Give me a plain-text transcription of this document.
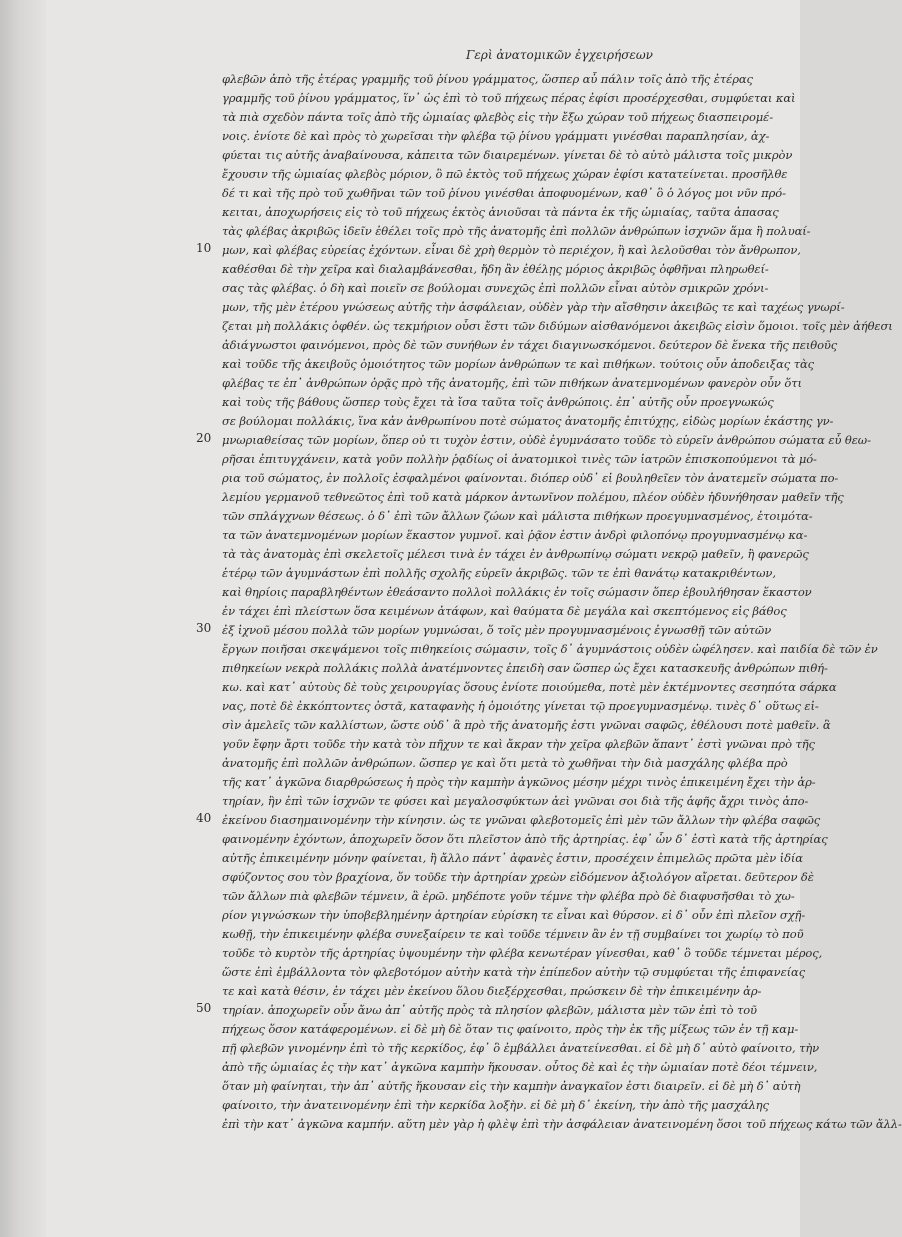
Γερὶ ἀνατομικῶν ἐγχειρήσεων
φλεβῶν ἀπὸ τῆς ἐτέρας γραμμῆς τοῦ ῥίνου γράμματος, ὥσπερ αὖ πάλιν τοῖς ἀπὸ τῆς ἑτέρας
γραμμῆς τοῦ ῥίνου γράμματος, ἵν᾽ ὡς ἐπὶ τὸ τοῦ πήχεως πέρας ἐφίσι προσέρχεσθαι, συμφύεται καὶ
τὰ πιὰ σχεδὸν πάντα τοῖς ἀπὸ τῆς ὠμιαίας φλεβὸς εἰς τὴν ἔξω χώραν τοῦ πήχεως διασπειρομέ-
νοις. ἐνίοτε δὲ καὶ πρὸς τὸ χωρεῖσαι τὴν φλέβα τῷ ῥίνου γράμματι γινέσθαι παραπλησίαν, ἀχ-
φύεται τις αὐτῆς ἀναβαίνουσα, κἀπειτα τῶν διαιρεμένων. γίνεται δὲ τὸ αὐτὸ μάλιστα τοῖς μικρὸν
ἔχουσιν τῆς ὠμιαίας φλεβὸς μόριον, ὃ πῶ ἐκτὸς τοῦ πήχεως χώραν ἐφίσι κατατείνεται. προσῆλθε
δέ τι καὶ τῆς πρὸ τοῦ χωθῆναι τῶν τοῦ ῥίνου γινέσθαι ἀποφυομένων, καθ᾽ ὃ ὁ λόγος μοι νῦν πρό-
κειται, ἀποχωρήσεις εἰς τὸ τοῦ πήχεως ἐκτὸς ἀνιοῦσαι τὰ πάντα ἐκ τῆς ὠμιαίας, ταῦτα ἀπασας
τὰς φλέβας ἀκριβῶς ἰδεῖν ἐθέλει τοῖς πρὸ τῆς ἀνατομῆς ἐπὶ πολλῶν ἀνθρώπων ἰσχνῶν ἅμα ἢ πολυαί-
10 μων, καὶ φλέβας εὐρείας ἐχόντων. εἶναι δὲ χρὴ θερμὸν τὸ περιέχον, ἢ καὶ λελοῦσθαι τὸν ἄνθρωπον,
καθέσθαι δὲ τὴν χεῖρα καὶ διαλαμβάνεσθαι, ἤδη ἂν ἐθέλῃς μόριος ἀκριβῶς ὀφθῆναι πληρωθεί-
σας τὰς φλέβας. ὁ δὴ καὶ ποιεῖν σε βούλομαι συνεχῶς ἐπὶ πολλῶν εἶναι αὐτὸν σμικρῶν χρόνι-
μων, τῆς μὲν ἑτέρου γνώσεως αὐτῆς τὴν ἀσφάλειαν, οὐδὲν γὰρ τὴν αἴσθησιν ἀκειβῶς τε καὶ ταχέως γνωρί-
ζεται μὴ πολλάκις ὀφθέν. ὡς τεκμήριον οὖσι ἔστι τῶν διδύμων αἰσθανόμενοι ἀκειβῶς εἰσὶν ὅμοιοι. τοῖς μὲν ἀήθεσι
ἀδιάγνωστοι φαινόμενοι, πρὸς δὲ τῶν συνήθων ἐν τάχει διαγινωσκόμενοι. δεύτερον δὲ ἕνεκα τῆς πειθοῦς
καὶ τοῦδε τῆς ἀκειβοῦς ὁμοιότητος τῶν μορίων ἀνθρώπων τε καὶ πιθήκων. τούτοις οὖν ἀποδειξας τὰς
φλέβας τε ἐπ᾽ ἀνθρώπων ὁρᾷς πρὸ τῆς ἀνατομῆς, ἐπὶ τῶν πιθήκων ἀνατεμνομένων φανερὸν οὖν ὅτι
καὶ τοὺς τῆς βάθους ὥσπερ τοὺς ἔχει τὰ ἴσα ταῦτα τοῖς ἀνθρώποις. ἐπ᾽ αὐτῆς οὖν προεγνωκώς
σε βούλομαι πολλάκις, ἵνα κἀν ἀνθρωπίνου ποτὲ σώματος ἀνατομῆς ἐπιτύχῃς, εἰδὼς μορίων ἑκάστης γν-
20 μνωριαθείσας τῶν μορίων, ὅπερ οὐ τι τυχὸν ἐστιν, οὐδὲ ἐγυμνάσατο τοῦδε τὸ εὑρεῖν ἀνθρώπου σώματα εὖ θεω-
ρῆσαι ἐπιτυγχάνειν, κατὰ γοῦν πολλὴν ῥᾳδίως οἱ ἀνατομικοὶ τινὲς τῶν ἰατρῶν ἐπισκοπούμενοι τὰ μό-
ρια τοῦ σώματος, ἐν πολλοῖς ἐσφαλμένοι φαίνονται. διόπερ οὐδ᾽ εἰ βουληθεῖεν τὸν ἀνατεμεῖν σώματα πο-
λεμίου γερμανοῦ τεθνεῶτος ἐπὶ τοῦ κατὰ μάρκον ἀντωνῖνον πολέμου, πλέον οὐδὲν ἠδυνήθησαν μαθεῖν τῆς
τῶν σπλάγχνων θέσεως. ὁ δ᾽ ἐπὶ τῶν ἄλλων ζώων καὶ μάλιστα πιθήκων προεγυμνασμένος, ἑτοιμότα-
τα τῶν ἀνατεμνομένων μορίων ἕκαστον γυμνοῖ. καὶ ῥᾷον ἐστιν ἀνδρὶ φιλοπόνῳ προγυμνασμένῳ κα-
τὰ τὰς ἀνατομὰς ἐπὶ σκελετοῖς μέλεσι τινὰ ἐν τάχει ἐν ἀνθρωπίνῳ σώματι νεκρῷ μαθεῖν, ἢ φανερῶς
ἑτέρῳ τῶν ἀγυμνάστων ἐπὶ πολλῆς σχολῆς εὑρεῖν ἀκριβῶς. τῶν τε ἐπὶ θανάτῳ κατακριθέντων,
καὶ θηρίοις παραβληθέντων ἐθεάσαντο πολλοὶ πολλάκις ἐν τοῖς σώμασιν ὅπερ ἐβουλήθησαν ἕκαστον
ἐν τάχει ἐπὶ πλείστων ὅσα κειμένων ἀτάφων, καὶ θαύματα δὲ μεγάλα καὶ σκεπτόμενος εἰς βάθος
30 ἐξ ἰχνοῦ μέσου πολλὰ τῶν μορίων γυμνώσαι, ὅ τοῖς μὲν προγυμνασμένοις ἐγνωσθῇ τῶν αὐτῶν
ἔργων ποιῆσαι σκεψάμενοι τοῖς πιθηκείοις σώμασιν, τοῖς δ᾽ ἀγυμνάστοις οὐδὲν ὠφέλησεν. καὶ παιδία δὲ τῶν ἐν
πιθηκείων νεκρὰ πολλάκις πολλὰ ἀνατέμνοντες ἐπειδὴ σαν ὥσπερ ὡς ἔχει κατασκευῆς ἀνθρώπων πιθή-
κω. καὶ κατ᾽ αὐτοὺς δὲ τοὺς χειρουργίας ὅσους ἐνίοτε ποιούμεθα, ποτὲ μὲν ἐκτέμνοντες σεσηπότα σάρκα
νας, ποτὲ δὲ ἐκκόπτοντες ὀστᾶ, καταφανὴς ἡ ὁμοιότης γίνεται τῷ προεγυμνασμένῳ. τινὲς δ᾽ οὕτως εἰ-
σὶν ἀμελεῖς τῶν καλλίστων, ὥστε οὐδ᾽ ἃ πρὸ τῆς ἀνατομῆς ἐστι γνῶναι σαφῶς, ἐθέλουσι ποτὲ μαθεῖν. ἃ
γοῦν ἔφην ἄρτι τοῦδε τὴν κατὰ τὸν πῆχυν τε καὶ ἄκραν τὴν χεῖρα φλεβῶν ἅπαντ᾽ ἐστὶ γνῶναι πρὸ τῆς
ἀνατομῆς ἐπὶ πολλῶν ἀνθρώπων. ὥσπερ γε καὶ ὅτι μετὰ τὸ χωθῆναι τὴν διὰ μασχάλης φλέβα πρὸ
τῆς κατ᾽ ἀγκῶνα διαρθρώσεως ἡ πρὸς τὴν καμπὴν ἀγκῶνος μέσην μέχρι τινὸς ἐπικειμένη ἔχει τὴν ἀρ-
τηρίαν, ἣν ἐπὶ τῶν ἰσχνῶν τε φύσει καὶ μεγαλοσφύκτων ἀεὶ γνῶναι σοι διὰ τῆς ἁφῆς ἄχρι τινὸς ἀπο-
40 ἐκείνου διασημαινομένην τὴν κίνησιν. ὡς τε γνῶναι φλεβοτομεῖς ἐπὶ μὲν τῶν ἄλλων τὴν φλέβα σαφῶς
φαινομένην ἐχόντων, ἀποχωρεῖν ὅσον ὅτι πλεῖστον ἀπὸ τῆς ἀρτηρίας. ἐφ᾽ ὧν δ᾽ ἐστὶ κατὰ τῆς ἀρτηρίας
αὐτῆς ἐπικειμένην μόνην φαίνεται, ἢ ἄλλο πάντ᾽ ἀφανὲς ἐστιν, προσέχειν ἐπιμελῶς πρῶτα μὲν ἰδία
σφύζοντος σου τὸν βραχίονα, ὅν τοῦδε τὴν ἀρτηρίαν χρεὼν εἰδόμενον ἀξιολόγον αἴρεται. δεῦτερον δὲ
τῶν ἄλλων πιὰ φλεβῶν τέμνειν, ἃ ἐρῶ. μηδέποτε γοῦν τέμνε τὴν φλέβα πρὸ δὲ διαφυσῆσθαι τὸ χω-
ρίον γιγνώσκων τὴν ὑποβεβλημένην ἀρτηρίαν εὑρίσκη τε εἶναι καὶ θύρσον. εἰ δ᾽ οὖν ἐπὶ πλεῖον σχῇ-
κωθῇ, τὴν ἐπικειμένην φλέβα συνεξαίρειν τε καὶ τοῦδε τέμνειν ἂν ἐν τῇ συμβαίνει τοι χωρίῳ τὸ ποῦ
τοῦδε τὸ κυρτὸν τῆς ἀρτηρίας ὑψουμένην τὴν φλέβα κενωτέραν γίνεσθαι, καθ᾽ ὃ τοῦδε τέμνεται μέρος,
ὥστε ἐπὶ ἐμβάλλοντα τὸν φλεβοτόμον αὐτὴν κατὰ τὴν ἐπίπεδον αὐτὴν τῷ συμφύεται τῆς ἐπιφανείας
τε καὶ κατὰ θέσιν, ἐν τάχει μὲν ἐκείνου ὅλου διεξέρχεσθαι, πρώσκειν δὲ τὴν ἐπικειμένην ἀρ-
50 τηρίαν. ἀποχωρεῖν οὖν ἄνω ἀπ᾽ αὐτῆς πρὸς τὰ πλησίον φλεβῶν, μάλιστα μὲν τῶν ἐπὶ τὸ τοῦ
πήχεως ὅσον κατάφερομένων. εἰ δὲ μὴ δὲ ὅταν τις φαίνοιτο, πρὸς τὴν ἐκ τῆς μίξεως τῶν ἐν τῇ καμ-
πῇ φλεβῶν γινομένην ἐπὶ τὸ τῆς κερκίδος, ἐφ᾽ ὃ ἐμβάλλει ἀνατείνεσθαι. εἰ δὲ μὴ δ᾽ αὐτὸ φαίνοιτο, τὴν
ἀπὸ τῆς ὠμιαίας ἐς τὴν κατ᾽ ἀγκῶνα καμπὴν ἥκουσαν. οὗτος δὲ καὶ ἐς τὴν ὠμιαίαν ποτὲ δέοι τέμνειν,
ὅταν μὴ φαίνηται, τὴν ἀπ᾽ αὐτῆς ἥκουσαν εἰς τὴν καμπὴν ἀναγκαῖον ἐστι διαιρεῖν. εἰ δὲ μὴ δ᾽ αὐτὴ
φαίνοιτο, τὴν ἀνατεινομένην ἐπὶ τὴν κερκίδα λοξὴν. εἰ δὲ μὴ δ᾽ ἐκείνη, τὴν ἀπὸ τῆς μασχάλης
ἐπὶ τὴν κατ᾽ ἀγκῶνα καμπήν. αὕτη μὲν γὰρ ἡ φλὲψ ἐπὶ τὴν ἀσφάλειαν ἀνατεινομένη ὅσοι τοῦ πήχεως κάτω τῶν ἄλλ-
